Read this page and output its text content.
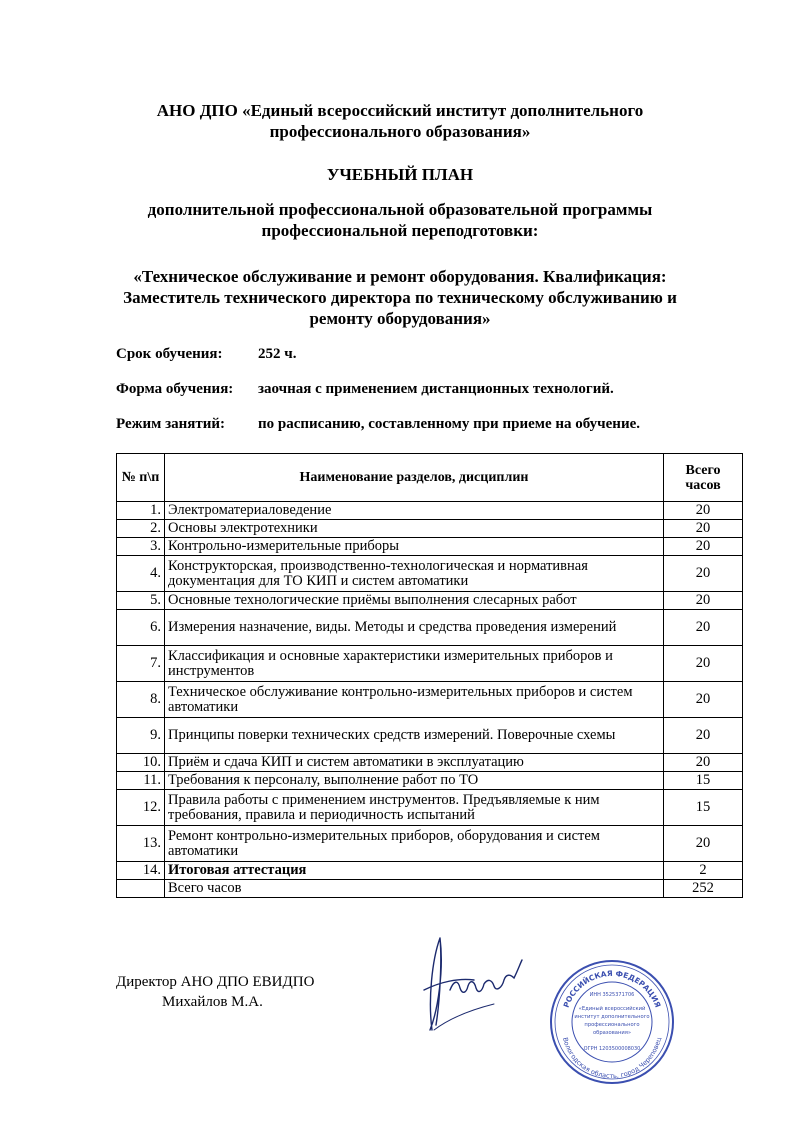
АНО ДПО «Единый всероссийский институт дополнительного
профессионального образования»
УЧЕБНЫЙ ПЛАН
дополнительной профессиональной образовательной программы
профессиональной переподготовки:
«Техническое обслуживание и ремонт оборудования. Квалификация:
Заместитель технического директора по техническому обслуживанию и
ремонту оборудования»
Срок обучения: 252 ч.
Форма обучения: заочная с применением дистанционных технологий.
Режим занятий: по расписанию, составленному при приеме на обучение.
№ п\п	Наименование разделов, дисциплин	Всего
часов

1.	Электроматериаловедение	20
2.	Основы электротехники	20
3.	Контрольно-измерительные приборы	20
4.	Конструкторская, производственно-технологическая и нормативная документация для ТО КИП и систем автоматики	20
5.	Основные технологические приёмы выполнения слесарных работ	20
6.	Измерения назначение, виды. Методы и средства проведения измерений	20
7.	Классификация и основные характеристики измерительных приборов и инструментов	20
8.	Техническое обслуживание контрольно-измерительных приборов и систем автоматики	20
9.	Принципы поверки технических средств измерений. Поверочные схемы	20
10.	Приём и сдача КИП и систем автоматики в эксплуатацию	20
11.	Требования к персоналу, выполнение работ по ТО	15
12.	Правила работы с применением инструментов. Предъявляемые к ним требования, правила и периодичность испытаний	15
13.	Ремонт контрольно-измерительных приборов, оборудования и систем автоматики	20
14.	Итоговая аттестация	2
	Всего часов	252
Директор АНО ДПО ЕВИДПО
Михайлов М.А.	РОССИЙСКАЯ ФЕДЕРАЦИЯ
Вологодская область, город Череповец
ИНН 3525371706
«Единый всероссийский
институт дополнительного
профессионального
образования»
ОГРН 1203500008030
